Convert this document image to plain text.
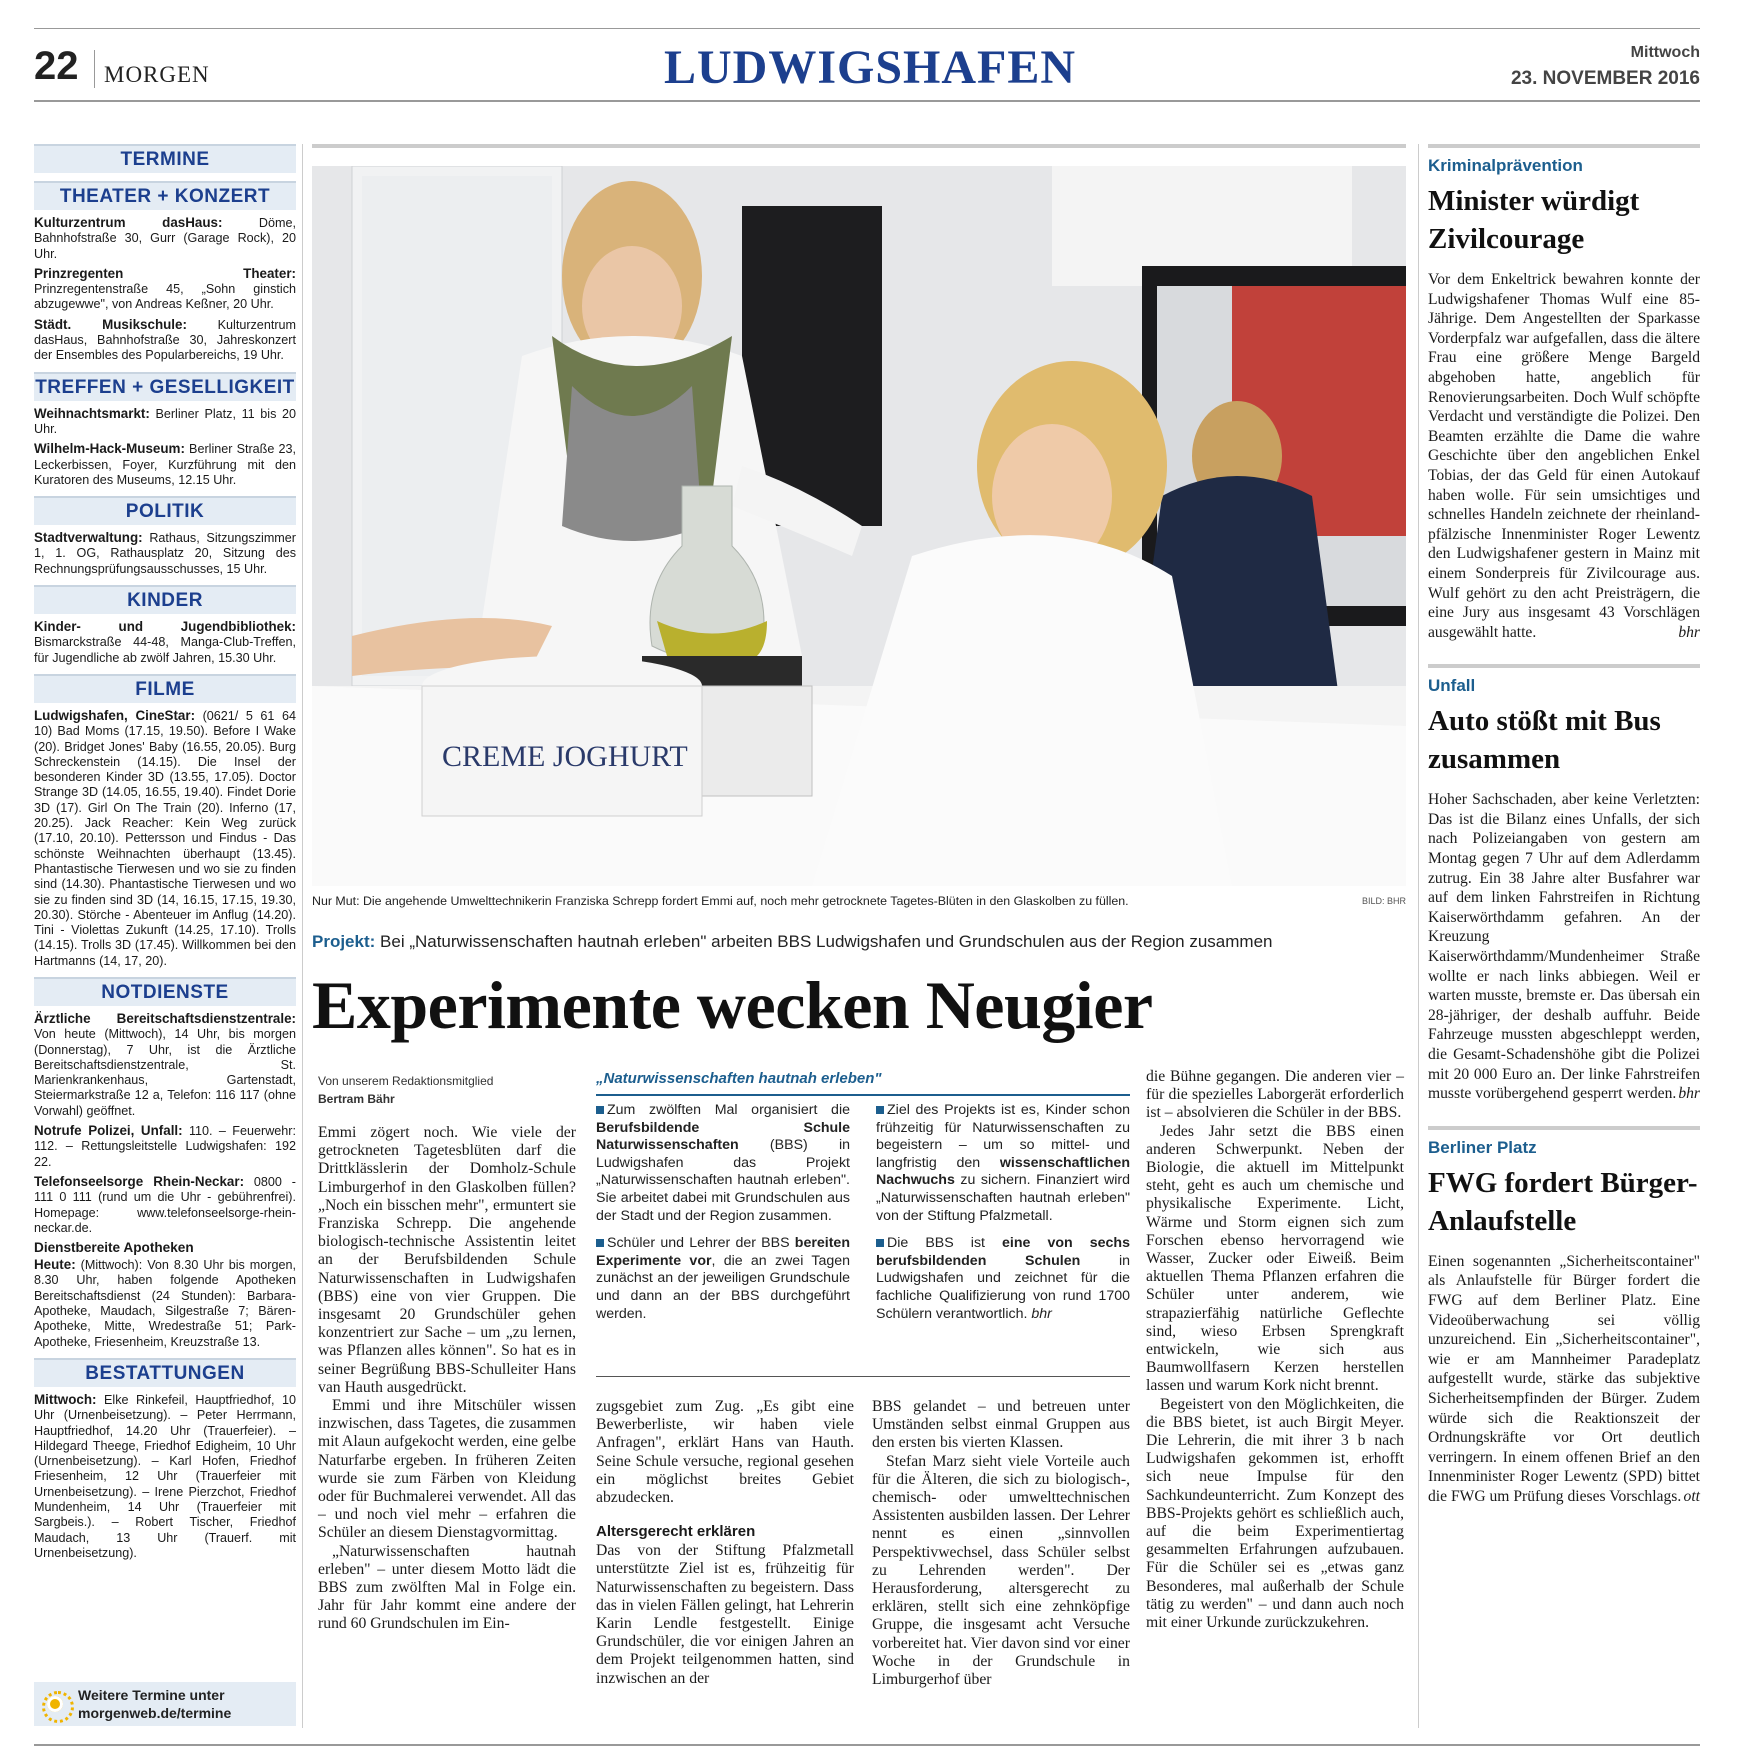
22 MORGEN	LUDWIGSHAFEN	Mittwoch
23. NOVEMBER 2016
TERMINE
THEATER + KONZERT
Kulturzentrum dasHaus: Döme, Bahnhofstraße 30, Gurr (Garage Rock), 20 Uhr.
Prinzregenten Theater: Prinzregentenstraße 45, „Sohn ginstich abzugewwe", von Andreas Keßner, 20 Uhr.
Städt. Musikschule: Kulturzentrum dasHaus, Bahnhofstraße 30, Jahreskonzert der Ensembles des Popularbereichs, 19 Uhr.
TREFFEN + GESELLIGKEIT
Weihnachtsmarkt: Berliner Platz, 11 bis 20 Uhr.
Wilhelm-Hack-Museum: Berliner Straße 23, Leckerbissen, Foyer, Kurzführung mit den Kuratoren des Museums, 12.15 Uhr.
POLITIK
Stadtverwaltung: Rathaus, Sitzungszimmer 1, 1. OG, Rathausplatz 20, Sitzung des Rechnungsprüfungsausschusses, 15 Uhr.
KINDER
Kinder- und Jugendbibliothek: Bismarckstraße 44-48, Manga-Club-Treffen, für Jugendliche ab zwölf Jahren, 15.30 Uhr.
FILME
Ludwigshafen, CineStar: (0621/ 5 61 64 10) Bad Moms (17.15, 19.50). Before I Wake (20). Bridget Jones' Baby (16.55, 20.05). Burg Schreckenstein (14.15). Die Insel der besonderen Kinder 3D (13.55, 17.05). Doctor Strange 3D (14.05, 16.55, 19.40). Findet Dorie 3D (17). Girl On The Train (20). Inferno (17, 20.25). Jack Reacher: Kein Weg zurück (17.10, 20.10). Pettersson und Findus - Das schönste Weihnachten überhaupt (13.45). Phantastische Tierwesen und wo sie zu finden sind (14.30). Phantastische Tierwesen und wo sie zu finden sind 3D (14, 16.15, 17.15, 19.30, 20.30). Störche - Abenteuer im Anflug (14.20). Tini - Violettas Zukunft (14.25, 17.10). Trolls (14.15). Trolls 3D (17.45). Willkommen bei den Hartmanns (14, 17, 20).
NOTDIENSTE
Ärztliche Bereitschaftsdienstzentrale: Von heute (Mittwoch), 14 Uhr, bis morgen (Donnerstag), 7 Uhr, ist die Ärztliche Bereitschaftsdienstzentrale, St. Marienkrankenhaus, Gartenstadt, Steiermarkstraße 12 a, Telefon: 116 117 (ohne Vorwahl) geöffnet.
Notrufe Polizei, Unfall: 110. – Feuerwehr: 112. – Rettungsleitstelle Ludwigshafen: 192 22.
Telefonseelsorge Rhein-Neckar: 0800 - 111 0 111 (rund um die Uhr - gebührenfrei). Homepage: www.telefonseelsorge-rhein-neckar.de.
Dienstbereite Apotheken
Heute: (Mittwoch): Von 8.30 Uhr bis morgen, 8.30 Uhr, haben folgende Apotheken Bereitschaftsdienst (24 Stunden): Barbara-Apotheke, Maudach, Silgestraße 7; Bären-Apotheke, Mitte, Wredestraße 51; Park-Apotheke, Friesenheim, Kreuzstraße 13.
BESTATTUNGEN
Mittwoch: Elke Rinkefeil, Hauptfriedhof, 10 Uhr (Urnenbeisetzung). – Peter Herrmann, Hauptfriedhof, 14.20 Uhr (Trauerfeier). – Hildegard Theege, Friedhof Edigheim, 10 Uhr (Urnenbeisetzung). – Karl Hofen, Friedhof Friesenheim, 12 Uhr (Trauerfeier mit Urnenbeisetzung). – Irene Pierzchot, Friedhof Mundenheim, 14 Uhr (Trauerfeier mit Sargbeis.). – Robert Tischer, Friedhof Maudach, 13 Uhr (Trauerf. mit Urnenbeisetzung).
Weitere Termine unter
morgenweb.de/termine
CREME JOGHURT
Nur Mut: Die angehende Umwelttechnikerin Franziska Schrepp fordert Emmi auf, noch mehr getrocknete Tagetes-Blüten in den Glaskolben zu füllen.	BILD: BHR
Projekt: Bei „Naturwissenschaften hautnah erleben" arbeiten BBS Ludwigshafen und Grundschulen aus der Region zusammen
Experimente wecken Neugier
Von unserem Redaktionsmitglied
Bertram Bähr

Emmi zögert noch. Wie viele der getrockneten Tagetesblüten darf die Drittklässlerin der Domholz-Schule Limburgerhof in den Glaskolben füllen? „Noch ein bisschen mehr", ermuntert sie Franziska Schrepp. Die angehende biologisch-technische Assistentin leitet an der Berufsbildenden Schule Naturwissenschaften in Ludwigshafen (BBS) eine von vier Gruppen. Die insgesamt 20 Grundschüler gehen konzentriert zur Sache – um „zu lernen, was Pflanzen alles können". So hat es in seiner Begrüßung BBS-Schulleiter Hans van Hauth ausgedrückt.

Emmi und ihre Mitschüler wissen inzwischen, dass Tagetes, die zusammen mit Alaun aufgekocht werden, eine gelbe Naturfarbe ergeben. In früheren Zeiten wurde sie zum Färben von Kleidung oder für Buchmalerei verwendet. All das – und noch viel mehr – erfahren die Schüler an diesem Dienstagvormittag.

„Naturwissenschaften hautnah erleben" – unter diesem Motto lädt die BBS zum zwölften Mal in Folge ein. Jahr für Jahr kommt eine andere der rund 60 Grundschulen im Ein-

zugsgebiet zum Zug. „Es gibt eine Bewerberliste, wir haben viele Anfragen", erklärt Hans van Hauth. Seine Schule versuche, regional gesehen ein möglichst breites Gebiet abzudecken.

Altersgerecht erklären

Das von der Stiftung Pfalzmetall unterstützte Ziel ist es, frühzeitig für Naturwissenschaften zu begeistern. Dass das in vielen Fällen gelingt, hat Lehrerin Karin Lendle festgestellt. Einige Grundschüler, die vor einigen Jahren an dem Projekt teilgenommen hatten, sind inzwischen an der

BBS gelandet – und betreuen unter Umständen selbst einmal Gruppen aus den ersten bis vierten Klassen.

Stefan Marz sieht viele Vorteile auch für die Älteren, die sich zu biologisch-, chemisch- oder umwelttechnischen Assistenten ausbilden lassen. Der Lehrer nennt es einen „sinnvollen Perspektivwechsel, dass Schüler selbst zu Lehrenden werden". Der Herausforderung, altersgerecht zu erklären, stellt sich eine zehnköpfige Gruppe, die insgesamt acht Versuche vorbereitet hat. Vier davon sind vor einer Woche in der Grundschule in Limburgerhof über

die Bühne gegangen. Die anderen vier – für die spezielles Laborgerät erforderlich ist – absolvieren die Schüler in der BBS.

Jedes Jahr setzt die BBS einen anderen Schwerpunkt. Neben der Biologie, die aktuell im Mittelpunkt steht, geht es auch um chemische und physikalische Experimente. Licht, Wärme und Storm eignen sich zum Forschen ebenso hervorragend wie Wasser, Zucker oder Eiweiß. Beim aktuellen Thema Pflanzen erfahren die Schüler unter anderem, wie strapazierfähig natürliche Geflechte sind, wieso Erbsen Sprengkraft entwickeln, wie sich aus Baumwollfasern Kerzen herstellen lassen und warum Kork nicht brennt.

Begeistert von den Möglichkeiten, die die BBS bietet, ist auch Birgit Meyer. Die Lehrerin, die mit ihrer 3 b nach Ludwigshafen gekommen ist, erhofft sich neue Impulse für den Sachkundeunterricht. Zum Konzept des BBS-Projekts gehört es schließlich auch, auf die beim Experimentiertag gesammelten Erfahrungen aufzubauen. Für die Schüler sei es „etwas ganz Besonderes, mal außerhalb der Schule tätig zu werden" – und dann auch noch mit einer Urkunde zurückzukehren.

„Naturwissenschaften hautnah erleben"

Zum zwölften Mal organisiert die Berufsbildende Schule Naturwissenschaften (BBS) in Ludwigshafen das Projekt „Naturwissenschaften hautnah erleben". Sie arbeitet dabei mit Grundschulen aus der Stadt und der Region zusammen.

Schüler und Lehrer der BBS bereiten Experimente vor, die an zwei Tagen zunächst an der jeweiligen Grundschule und dann an der BBS durchgeführt werden.

Ziel des Projekts ist es, Kinder schon frühzeitig für Naturwissenschaften zu begeistern – um so mittel- und langfristig den wissenschaftlichen Nachwuchs zu sichern. Finanziert wird „Naturwissenschaften hautnah erleben" von der Stiftung Pfalzmetall.

Die BBS ist eine von sechs berufsbildenden Schulen in Ludwigshafen und zeichnet für die fachliche Qualifizierung von rund 1700 Schülern verantwortlich. bhr

Kriminalprävention
Minister würdigt Zivilcourage
Vor dem Enkeltrick bewahren konnte der Ludwigshafener Thomas Wulf eine 85-Jährige. Dem Angestellten der Sparkasse Vorderpfalz war aufgefallen, dass die ältere Frau eine größere Menge Bargeld abgehoben hatte, angeblich für Renovierungsarbeiten. Doch Wulf schöpfte Verdacht und verständigte die Polizei. Den Beamten erzählte die Dame die wahre Geschichte über den angeblichen Enkel Tobias, der das Geld für einen Autokauf haben wolle. Für sein umsichtiges und schnelles Handeln zeichnete der rheinland-pfälzische Innenminister Roger Lewentz den Ludwigshafener gestern in Mainz mit einem Sonderpreis für Zivilcourage aus. Wulf gehört zu den acht Preisträgern, die eine Jury aus insgesamt 43 Vorschlägen ausgewählt hatte.	bhr
Unfall
Auto stößt mit Bus zusammen
Hoher Sachschaden, aber keine Verletzten: Das ist die Bilanz eines Unfalls, der sich nach Polizeiangaben von gestern am Montag gegen 7 Uhr auf dem Adlerdamm zutrug. Ein 38 Jahre alter Busfahrer war auf dem linken Fahrstreifen in Richtung Kaiserwörthdamm gefahren. An der Kreuzung Kaiserwörthdamm/Mundenheimer Straße wollte er nach links abbiegen. Weil er warten musste, bremste er. Das übersah ein 28-jähriger, der deshalb auffuhr. Beide Fahrzeuge mussten abgeschleppt werden, die Gesamt-Schadenshöhe gibt die Polizei mit 20 000 Euro an. Der linke Fahrstreifen musste vorübergehend gesperrt werden. bhr
Berliner Platz
FWG fordert Bürger-Anlaufstelle
Einen sogenannten „Sicherheitscontainer" als Anlaufstelle für Bürger fordert die FWG auf dem Berliner Platz. Eine Videoüberwachung sei völlig unzureichend. Ein „Sicherheitscontainer", wie er am Mannheimer Paradeplatz aufgestellt wurde, stärke das subjektive Sicherheitsempfinden der Bürger. Zudem würde sich die Reaktionszeit der Ordnungskräfte vor Ort deutlich verringern. In einem offenen Brief an den Innenminister Roger Lewentz (SPD) bittet die FWG um Prüfung dieses Vorschlags. ott
